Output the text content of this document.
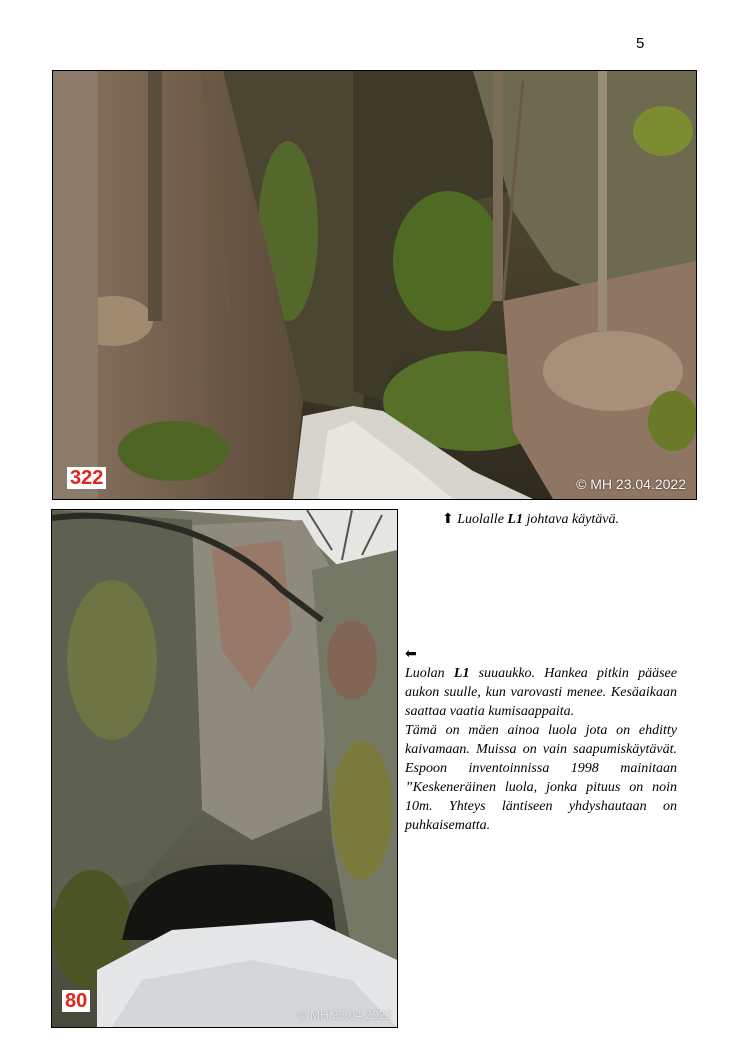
5
322	© MH 23.04.2022
80
© MH 23.04.2022
⬆ Luolalle L1 johtava käytävä.
⬅

Luolan L1 suuaukko. Hankea pitkin pääsee aukon suulle, kun varovasti menee. Kesäaikaan saattaa vaatia kumisaappaita.

Tämä on mäen ainoa luola jota on ehditty kaivamaan. Muissa on vain saapumiskäytävät. Espoon inventoinnissa 1998 mainitaan ”Keskeneräinen luola, jonka pituus on noin 10m. Yhteys läntiseen yhdyshautaan on puhkaisematta.
